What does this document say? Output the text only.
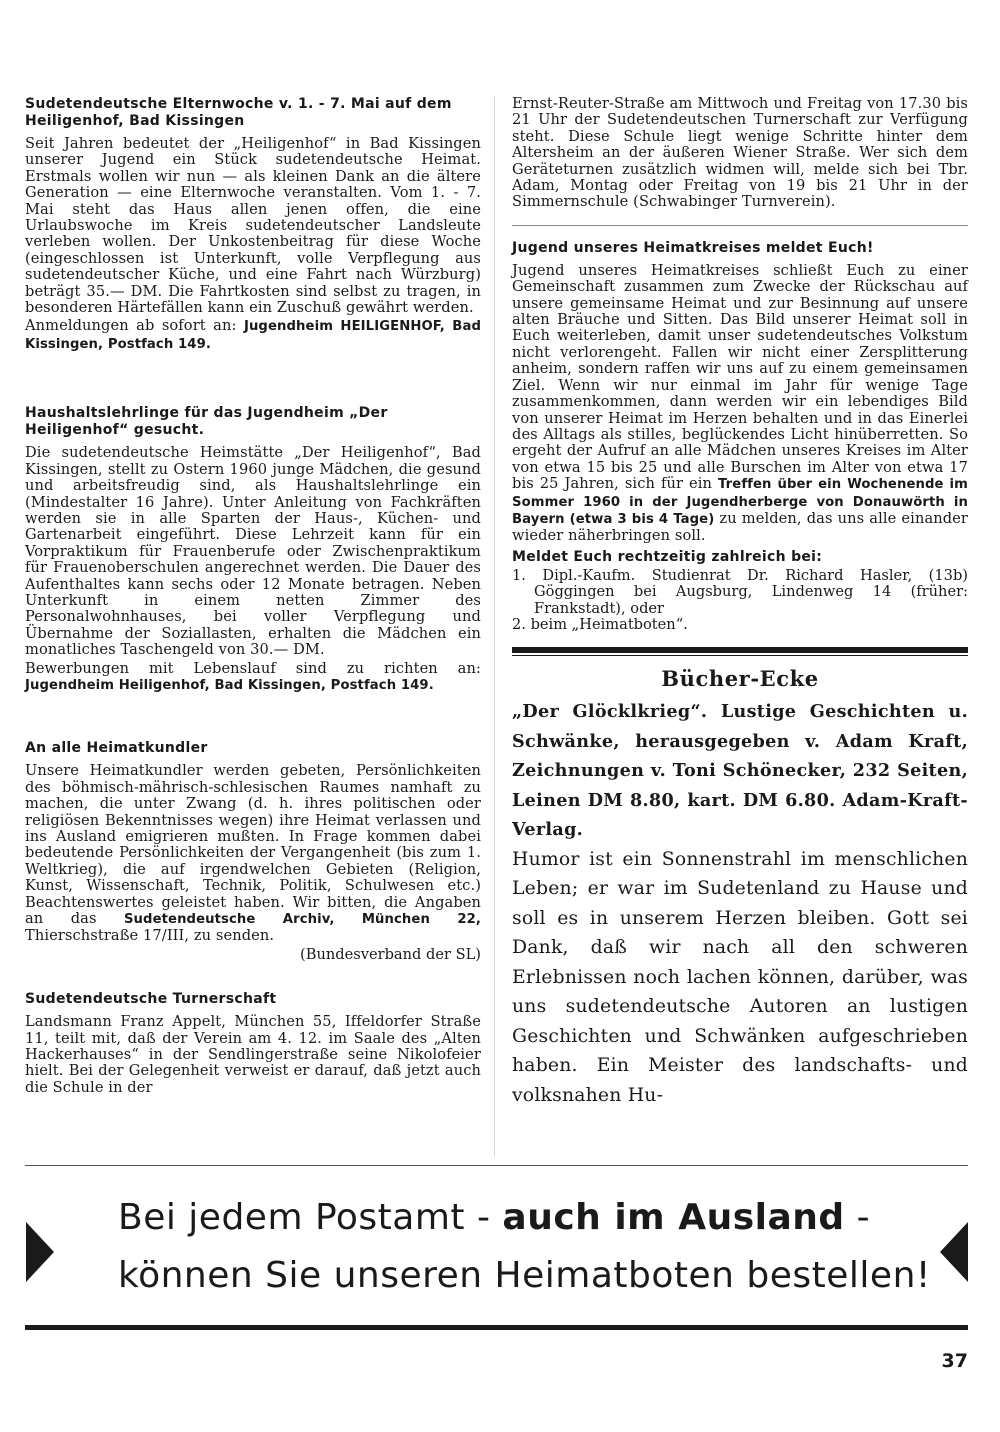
Sudetendeutsche Elternwoche v. 1. - 7. Mai auf dem Heiligenhof, Bad Kissingen

Seit Jahren bedeutet der „Heiligenhof“ in Bad Kissingen unserer Jugend ein Stück sudetendeutsche Heimat. Erstmals wollen wir nun — als kleinen Dank an die ältere Generation — eine Elternwoche veranstalten. Vom 1. - 7. Mai steht das Haus allen jenen offen, die eine Urlaubswoche im Kreis sudetendeutscher Landsleute verleben wollen. Der Unkostenbeitrag für diese Woche (eingeschlossen ist Unterkunft, volle Verpflegung aus sudetendeutscher Küche, und eine Fahrt nach Würzburg) beträgt 35.— DM. Die Fahrtkosten sind selbst zu tragen, in besonderen Härtefällen kann ein Zuschuß gewährt werden.

Anmeldungen ab sofort an: Jugendheim HEILIGENHOF, Bad Kissingen, Postfach 149.

Haushaltslehrlinge für das Jugendheim „Der Heiligenhof“ gesucht.

Die sudetendeutsche Heimstätte „Der Heiligenhof“, Bad Kissingen, stellt zu Ostern 1960 junge Mädchen, die gesund und arbeitsfreudig sind, als Haushaltslehrlinge ein (Mindestalter 16 Jahre). Unter Anleitung von Fachkräften werden sie in alle Sparten der Haus-, Küchen- und Gartenarbeit eingeführt. Diese Lehrzeit kann für ein Vorpraktikum für Frauenberufe oder Zwischenpraktikum für Frauenoberschulen angerechnet werden. Die Dauer des Aufenthaltes kann sechs oder 12 Monate betragen. Neben Unterkunft in einem netten Zimmer des Personalwohnhauses, bei voller Verpflegung und Übernahme der Soziallasten, erhalten die Mädchen ein monatliches Taschengeld von 30.— DM.

Bewerbungen mit Lebenslauf sind zu richten an: Jugendheim Heiligenhof, Bad Kissingen, Postfach 149.

An alle Heimatkundler

Unsere Heimatkundler werden gebeten, Persönlichkeiten des böhmisch-mährisch-schlesischen Raumes namhaft zu machen, die unter Zwang (d. h. ihres politischen oder religiösen Bekenntnisses wegen) ihre Heimat verlassen und ins Ausland emigrieren mußten. In Frage kommen dabei bedeutende Persönlichkeiten der Vergangenheit (bis zum 1. Weltkrieg), die auf irgendwelchen Gebieten (Religion, Kunst, Wissenschaft, Technik, Politik, Schulwesen etc.) Beachtenswertes geleistet haben. Wir bitten, die Angaben an das Sudetendeutsche Archiv, München 22, Thierschstraße 17/III, zu senden.

(Bundesverband der SL)

Sudetendeutsche Turnerschaft

Landsmann Franz Appelt, München 55, Iffeldorfer Straße 11, teilt mit, daß der Verein am 4. 12. im Saale des „Alten Hackerhauses“ in der Sendlingerstraße seine Nikolofeier hielt. Bei der Gelegenheit verweist er darauf, daß jetzt auch die Schule in der

Ernst-Reuter-Straße am Mittwoch und Freitag von 17.30 bis 21 Uhr der Sudetendeutschen Turnerschaft zur Verfügung steht. Diese Schule liegt wenige Schritte hinter dem Altersheim an der äußeren Wiener Straße. Wer sich dem Geräteturnen zusätzlich widmen will, melde sich bei Tbr. Adam, Montag oder Freitag von 19 bis 21 Uhr in der Simmernschule (Schwabinger Turnverein).

Jugend unseres Heimatkreises meldet Euch!

Jugend unseres Heimatkreises schließt Euch zu einer Gemeinschaft zusammen zum Zwecke der Rückschau auf unsere gemeinsame Heimat und zur Besinnung auf unsere alten Bräuche und Sitten. Das Bild unserer Heimat soll in Euch weiterleben, damit unser sudetendeutsches Volkstum nicht verlorengeht. Fallen wir nicht einer Zersplitterung anheim, sondern raffen wir uns auf zu einem gemeinsamen Ziel. Wenn wir nur einmal im Jahr für wenige Tage zusammenkommen, dann werden wir ein lebendiges Bild von unserer Heimat im Herzen behalten und in das Einerlei des Alltags als stilles, beglückendes Licht hinüberretten. So ergeht der Aufruf an alle Mädchen unseres Kreises im Alter von etwa 15 bis 25 und alle Burschen im Alter von etwa 17 bis 25 Jahren, sich für ein Treffen über ein Wochenende im Sommer 1960 in der Jugendherberge von Donauwörth in Bayern (etwa 3 bis 4 Tage) zu melden, das uns alle einander wieder näherbringen soll.

Meldet Euch rechtzeitig zahlreich bei:

1. Dipl.-Kaufm. Studienrat Dr. Richard Hasler, (13b) Göggingen bei Augsburg, Lindenweg 14 (früher: Frankstadt), oder
2. beim „Heimatboten“.

Bücher-Ecke

„Der Glöcklkrieg“. Lustige Geschichten u. Schwänke, herausgegeben v. Adam Kraft, Zeichnungen v. Toni Schönecker, 232 Seiten, Leinen DM 8.80, kart. DM 6.80. Adam-Kraft-Verlag.

Humor ist ein Sonnenstrahl im menschlichen Leben; er war im Sudetenland zu Hause und soll es in unserem Herzen bleiben. Gott sei Dank, daß wir nach all den schweren Erlebnissen noch lachen können, darüber, was uns sudetendeutsche Autoren an lustigen Geschichten und Schwänken aufgeschrieben haben. Ein Meister des landschafts- und volksnahen Hu-

Bei jedem Postamt - auch im Ausland -
können Sie unseren Heimatboten bestellen!
37
